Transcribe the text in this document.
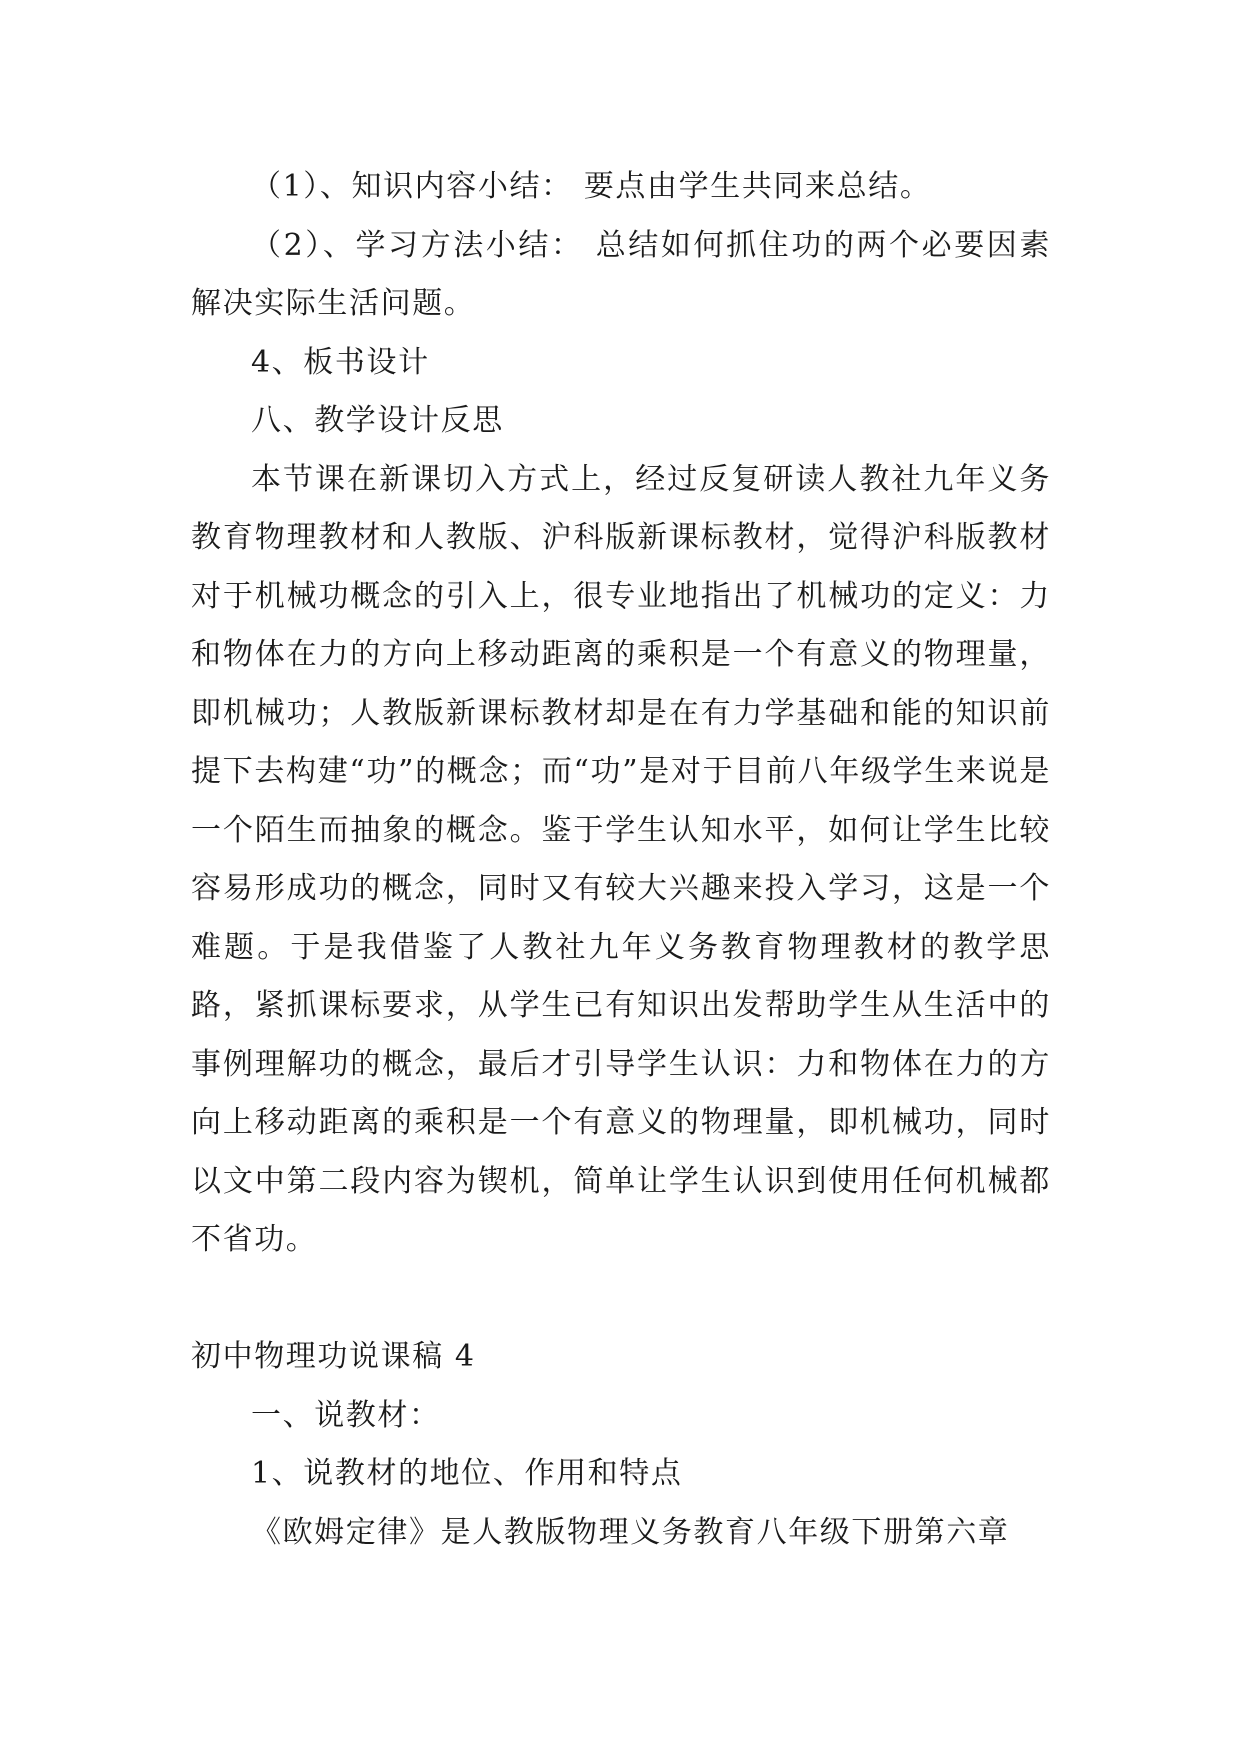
（1）、知识内容小结： 要点由学生共同来总结。

（2）、学习方法小结： 总结如何抓住功的两个必要因素解决实际生活问题。

4、板书设计

八、教学设计反思

本节课在新课切入方式上，经过反复研读人教社九年义务教育物理教材和人教版、沪科版新课标教材，觉得沪科版教材对于机械功概念的引入上，很专业地指出了机械功的定义：力和物体在力的方向上移动距离的乘积是一个有意义的物理量，即机械功；人教版新课标教材却是在有力学基础和能的知识前提下去构建“功”的概念；而“功”是对于目前八年级学生来说是一个陌生而抽象的概念。鉴于学生认知水平，如何让学生比较容易形成功的概念，同时又有较大兴趣来投入学习，这是一个难题。于是我借鉴了人教社九年义务教育物理教材的教学思路，紧抓课标要求，从学生已有知识出发帮助学生从生活中的事例理解功的概念，最后才引导学生认识：力和物体在力的方向上移动距离的乘积是一个有意义的物理量，即机械功，同时以文中第二段内容为锲机，简单让学生认识到使用任何机械都不省功。

初中物理功说课稿 4

一、说教材：

1、说教材的地位、作用和特点

《欧姆定律》是人教版物理义务教育八年级下册第六章
